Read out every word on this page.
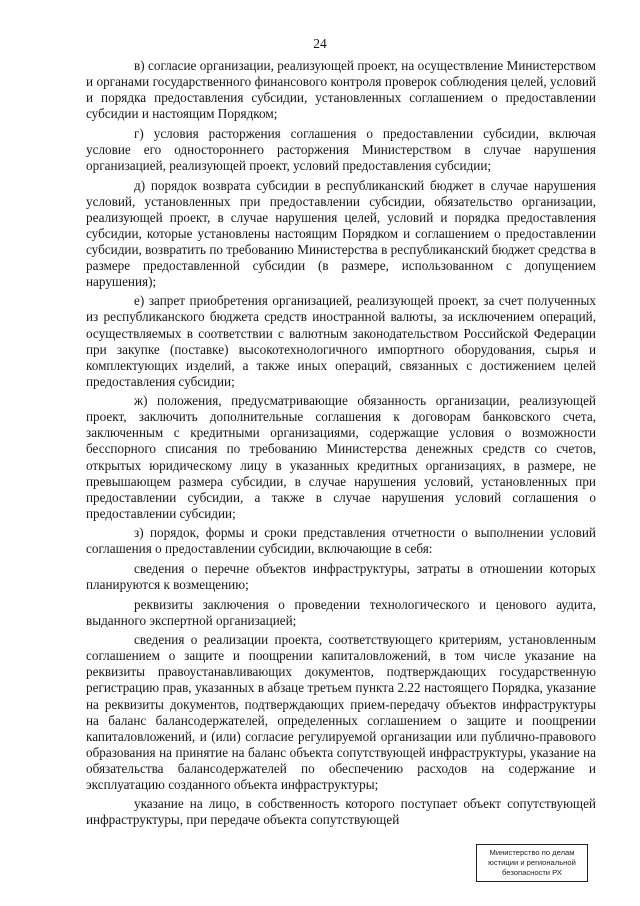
24

в) согласие организации, реализующей проект, на осуществление Министерством и органами государственного финансового контроля проверок соблюдения целей, условий и порядка предоставления субсидии, установленных соглашением о предоставлении субсидии и настоящим Порядком;

г) условия расторжения соглашения о предоставлении субсидии, включая условие его одностороннего расторжения Министерством в случае нарушения организацией, реализующей проект, условий предоставления субсидии;

д) порядок возврата субсидии в республиканский бюджет в случае нарушения условий, установленных при предоставлении субсидии, обязательство организации, реализующей проект, в случае нарушения целей, условий и порядка предоставления субсидии, которые установлены настоящим Порядком и соглашением о предоставлении субсидии, возвратить по требованию Министерства в республиканский бюджет средства в размере предоставленной субсидии (в размере, использованном с допущением нарушения);

е) запрет приобретения организацией, реализующей проект, за счет полученных из республиканского бюджета средств иностранной валюты, за исключением операций, осуществляемых в соответствии с валютным законодательством Российской Федерации при закупке (поставке) высокотехнологичного импортного оборудования, сырья и комплектующих изделий, а также иных операций, связанных с достижением целей предоставления субсидии;

ж) положения, предусматривающие обязанность организации, реализующей проект, заключить дополнительные соглашения к договорам банковского счета, заключенным с кредитными организациями, содержащие условия о возможности бесспорного списания по требованию Министерства денежных средств со счетов, открытых юридическому лицу в указанных кредитных организациях, в размере, не превышающем размера субсидии, в случае нарушения условий, установленных при предоставлении субсидии, а также в случае нарушения условий соглашения о предоставлении субсидии;

з) порядок, формы и сроки представления отчетности о выполнении условий соглашения о предоставлении субсидии, включающие в себя:

сведения о перечне объектов инфраструктуры, затраты в отношении которых планируются к возмещению;

реквизиты заключения о проведении технологического и ценового аудита, выданного экспертной организацией;

сведения о реализации проекта, соответствующего критериям, установленным соглашением о защите и поощрении капиталовложений, в том числе указание на реквизиты правоустанавливающих документов, подтверждающих государственную регистрацию прав, указанных в абзаце третьем пункта 2.22 настоящего Порядка, указание на реквизиты документов, подтверждающих прием-передачу объектов инфраструктуры на баланс балансодержателей, определенных соглашением о защите и поощрении капиталовложений, и (или) согласие регулируемой организации или публично-правового образования на принятие на баланс объекта сопутствующей инфраструктуры, указание на обязательства балансодержателей по обеспечению расходов на содержание и эксплуатацию созданного объекта инфраструктуры;

указание на лицо, в собственность которого поступает объект сопутствующей инфраструктуры, при передаче объекта сопутствующей

Министерство по делам
юстиции и региональной
безопасности РХ
